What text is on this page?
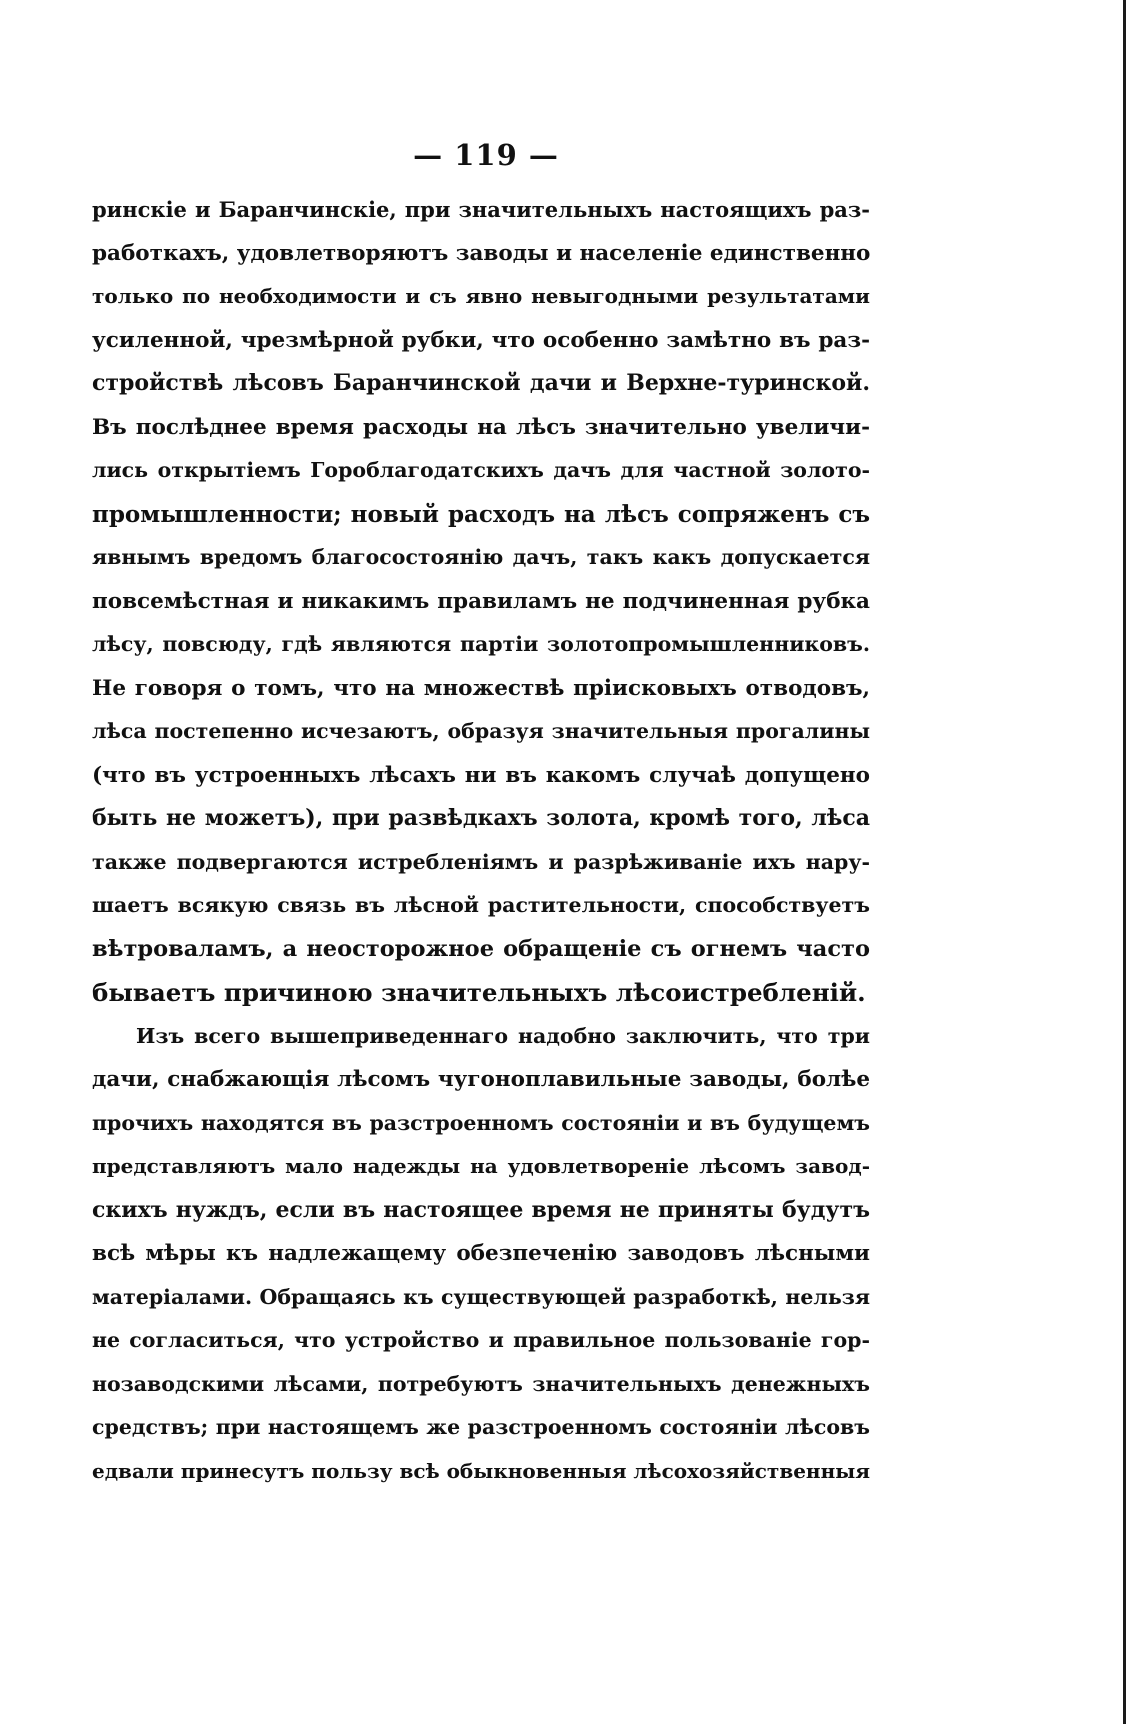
— 119 —
ринскіе и Баранчинскіе, при значительныхъ настоящихъ раз-
работкахъ, удовлетворяютъ заводы и населеніе единственно
только по необходимости и съ явно невыгодными результатами
усиленной, чрезмѣрной рубки, что особенно замѣтно въ раз-
стройствѣ лѣсовъ Баранчинской дачи и Верхне-туринской.
Въ послѣднее время расходы на лѣсъ значительно увеличи-
лись открытіемъ Гороблагодатскихъ дачъ для частной золото-
промышленности; новый расходъ на лѣсъ сопряженъ съ
явнымъ вредомъ благосостоянію дачъ, такъ какъ допускается
повсемѣстная и никакимъ правиламъ не подчиненная рубка
лѣсу, повсюду, гдѣ являются партіи золотопромышленниковъ.
Не говоря о томъ, что на множествѣ пріисковыхъ отводовъ,
лѣса постепенно исчезаютъ, образуя значительныя прогалины
(что въ устроенныхъ лѣсахъ ни въ какомъ случаѣ допущено
быть не можетъ), при развѣдкахъ золота, кромѣ того, лѣса
также подвергаются истребленіямъ и разрѣживаніе ихъ нару-
шаетъ всякую связь въ лѣсной растительности, способствуетъ
вѣтроваламъ, а неосторожное обращеніе съ огнемъ часто
бываетъ причиною значительныхъ лѣсоистребленій.
Изъ всего вышеприведеннаго надобно заключить, что три
дачи, снабжающія лѣсомъ чугоноплавильные заводы, болѣе
прочихъ находятся въ разстроенномъ состояніи и въ будущемъ
представляютъ мало надежды на удовлетвореніе лѣсомъ завод-
скихъ нуждъ, если въ настоящее время не приняты будутъ
всѣ мѣры къ надлежащему обезпеченію заводовъ лѣсными
матеріалами. Обращаясь къ существующей разработкѣ, нельзя
не согласиться, что устройство и правильное пользованіе гор-
нозаводскими лѣсами, потребуютъ значительныхъ денежныхъ
средствъ; при настоящемъ же разстроенномъ состояніи лѣсовъ
едвали принесутъ пользу всѣ обыкновенныя лѣсохозяйственныя
